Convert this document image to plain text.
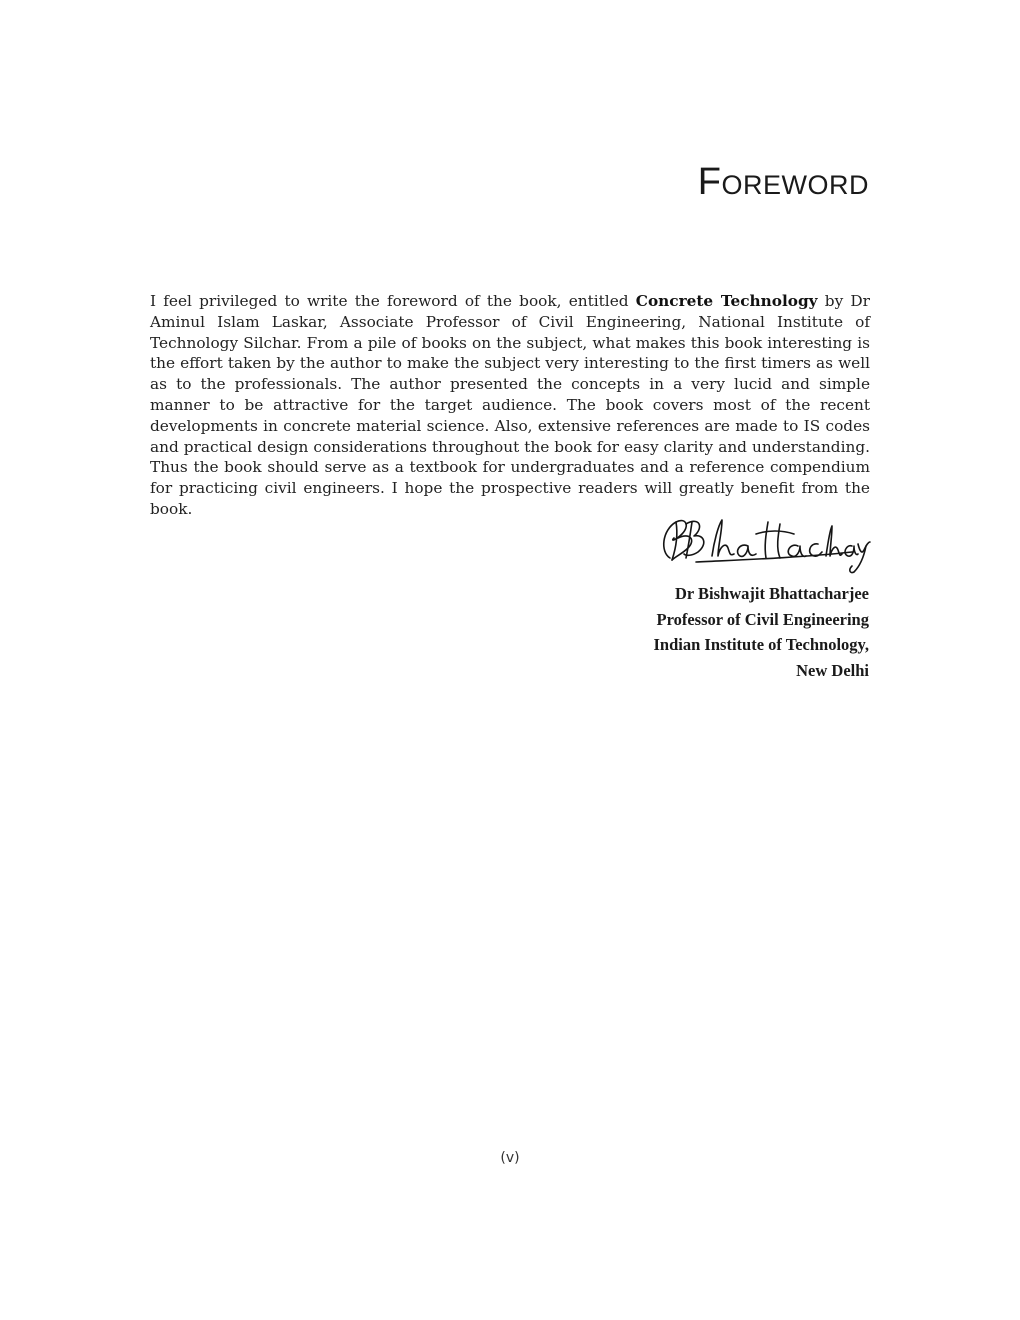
Foreword

I feel privileged to write the foreword of the book, entitled Concrete Technology by Dr Aminul Islam Laskar, Associate Professor of Civil Engineering, National Institute of Technology Silchar. From a pile of books on the subject, what makes this book interesting is the effort taken by the author to make the subject very interesting to the first timers as well as to the professionals. The author presented the concepts in a very lucid and simple manner to be attractive for the target audience. The book covers most of the recent developments in concrete material science. Also, extensive references are made to IS codes and practical design considerations throughout the book for easy clarity and understanding. Thus the book should serve as a textbook for undergraduates and a reference compendium for practicing civil engineers. I hope the prospective readers will greatly benefit from the book.

Dr Bishwajit Bhattacharjee
Professor of Civil Engineering
Indian Institute of Technology,
New Delhi
(v)
